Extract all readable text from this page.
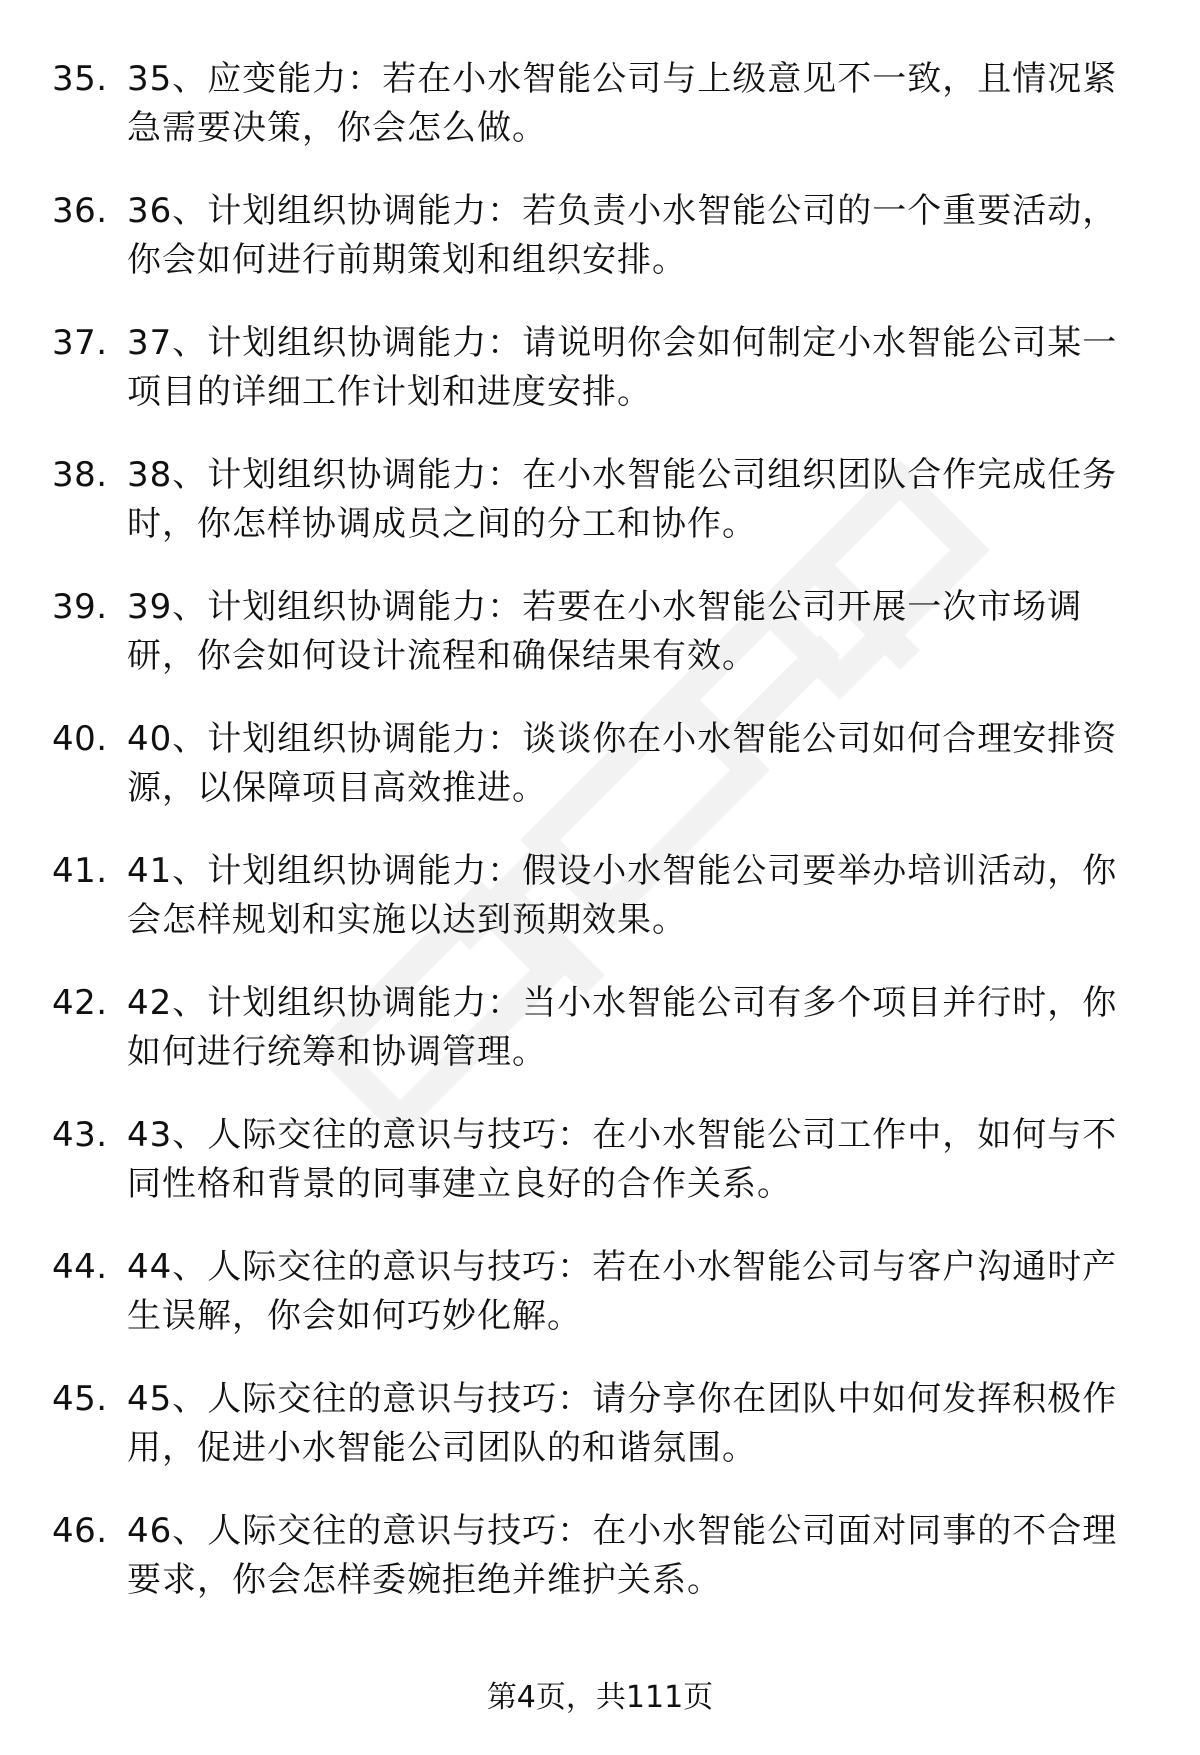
35. 35、应变能力：若在小水智能公司与上级意见不一致，且情况紧急需要决策，你会怎么做。
36. 36、计划组织协调能力：若负责小水智能公司的一个重要活动，你会如何进行前期策划和组织安排。
37. 37、计划组织协调能力：请说明你会如何制定小水智能公司某一项目的详细工作计划和进度安排。
38. 38、计划组织协调能力：在小水智能公司组织团队合作完成任务时，你怎样协调成员之间的分工和协作。
39. 39、计划组织协调能力：若要在小水智能公司开展一次市场调研，你会如何设计流程和确保结果有效。
40. 40、计划组织协调能力：谈谈你在小水智能公司如何合理安排资源，以保障项目高效推进。
41. 41、计划组织协调能力：假设小水智能公司要举办培训活动，你会怎样规划和实施以达到预期效果。
42. 42、计划组织协调能力：当小水智能公司有多个项目并行时，你如何进行统筹和协调管理。
43. 43、人际交往的意识与技巧：在小水智能公司工作中，如何与不同性格和背景的同事建立良好的合作关系。
44. 44、人际交往的意识与技巧：若在小水智能公司与客户沟通时产生误解，你会如何巧妙化解。
45. 45、人际交往的意识与技巧：请分享你在团队中如何发挥积极作用，促进小水智能公司团队的和谐氛围。
46. 46、人际交往的意识与技巧：在小水智能公司面对同事的不合理要求，你会怎样委婉拒绝并维护关系。
第4页，共111页
